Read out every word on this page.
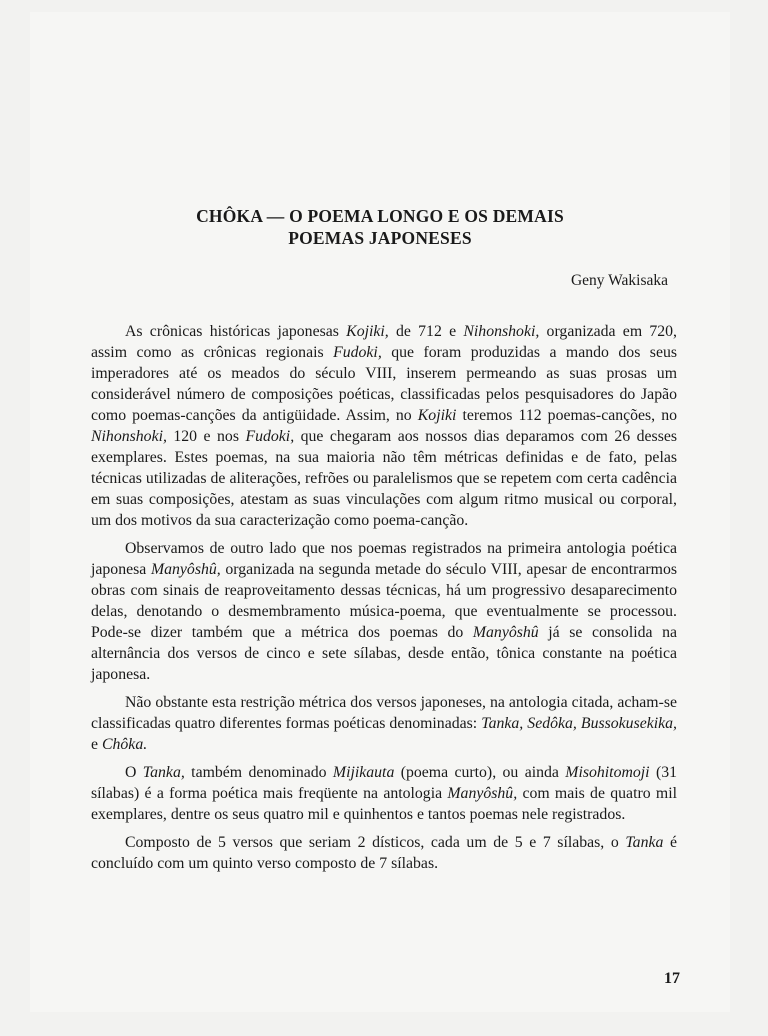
CHÔKA — O POEMA LONGO E OS DEMAIS
POEMAS JAPONESES
Geny Wakisaka

As crônicas históricas japonesas Kojiki, de 712 e Nihonshoki, organizada em 720, assim como as crônicas regionais Fudoki, que foram produzidas a mando dos seus imperadores até os meados do século VIII, inserem permeando as suas prosas um considerável número de composições poéticas, classificadas pelos pesquisadores do Japão como poemas-canções da antigüidade. Assim, no Kojiki teremos 112 poemas-canções, no Nihonshoki, 120 e nos Fudoki, que chegaram aos nossos dias deparamos com 26 desses exemplares. Estes poemas, na sua maioria não têm métricas definidas e de fato, pelas técnicas utilizadas de aliterações, refrões ou paralelismos que se repetem com certa cadência em suas composições, atestam as suas vinculações com algum ritmo musical ou corporal, um dos motivos da sua caracterização como poema-canção.

Observamos de outro lado que nos poemas registrados na primeira antologia poética japonesa Manyôshû, organizada na segunda metade do século VIII, apesar de encontrarmos obras com sinais de reaproveitamento dessas técnicas, há um progressivo desaparecimento delas, denotando o desmembramento música-poema, que eventualmente se processou. Pode-se dizer também que a métrica dos poemas do Manyôshû já se consolida na alternância dos versos de cinco e sete sílabas, desde então, tônica constante na poética japonesa.

Não obstante esta restrição métrica dos versos japoneses, na antologia citada, acham-se classificadas quatro diferentes formas poéticas denominadas: Tanka, Sedôka, Bussokusekika, e Chôka.

O Tanka, também denominado Mijikauta (poema curto), ou ainda Misohitomoji (31 sílabas) é a forma poética mais freqüente na antologia Manyôshû, com mais de quatro mil exemplares, dentre os seus quatro mil e quinhentos e tantos poemas nele registrados.

Composto de 5 versos que seriam 2 dísticos, cada um de 5 e 7 sílabas, o Tanka é concluído com um quinto verso composto de 7 sílabas.

17
